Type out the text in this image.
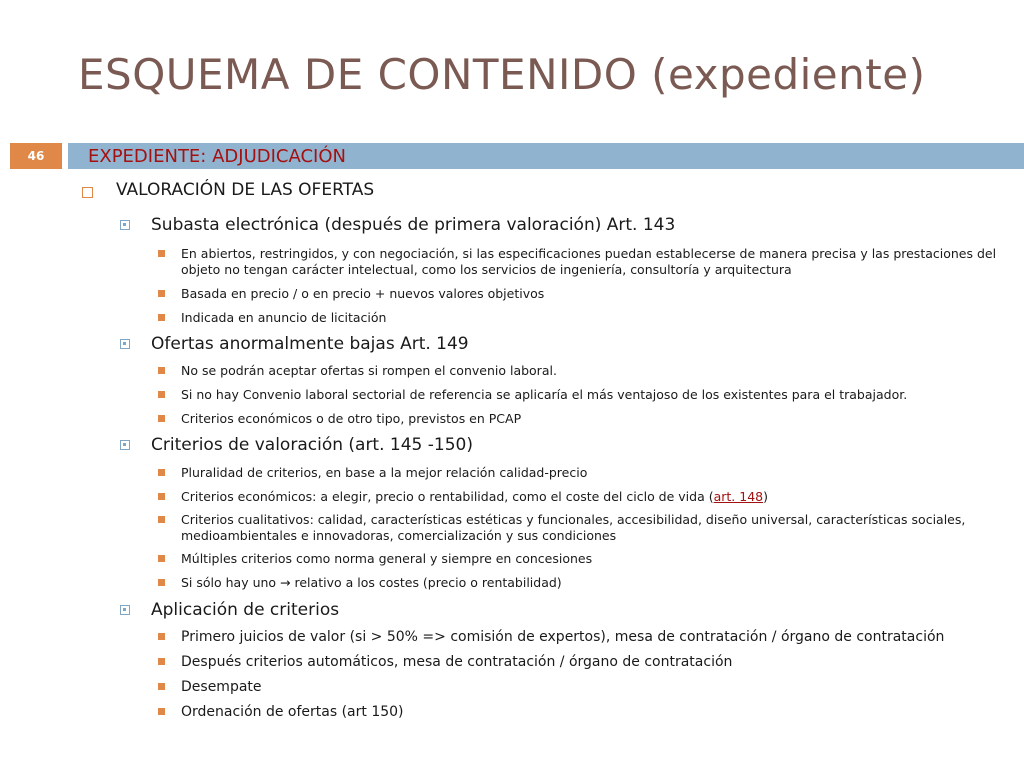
ESQUEMA DE CONTENIDO (expediente)
46	EXPEDIENTE: ADJUDICACIÓN
VALORACIÓN DE LAS OFERTAS
Subasta electrónica (después de primera valoración) Art. 143
En abiertos, restringidos, y con negociación, si las especificaciones puedan establecerse de manera precisa y las prestaciones del objeto no tengan carácter intelectual, como los servicios de ingeniería, consultoría y arquitectura
Basada en precio / o en precio + nuevos valores objetivos
Indicada en anuncio de licitación
Ofertas anormalmente bajas Art. 149
No se podrán aceptar ofertas si rompen el convenio laboral.
Si no hay Convenio laboral sectorial de referencia se aplicaría el más ventajoso de los existentes para el trabajador.
Criterios económicos o de otro tipo, previstos en PCAP
Criterios de valoración (art. 145 -150)
Pluralidad de criterios, en base a la mejor relación calidad-precio
Criterios económicos: a elegir, precio o rentabilidad, como el coste del ciclo de vida (art. 148)
Criterios cualitativos: calidad, características estéticas y funcionales, accesibilidad, diseño universal, características sociales, medioambientales e innovadoras, comercialización y sus condiciones
Múltiples criterios como norma general y siempre en concesiones
Si sólo hay uno → relativo a los costes (precio o rentabilidad)
Aplicación de criterios
Primero juicios de valor (si > 50% => comisión de expertos), mesa de contratación / órgano de contratación
Después criterios automáticos, mesa de contratación / órgano de contratación
Desempate
Ordenación de ofertas (art 150)
